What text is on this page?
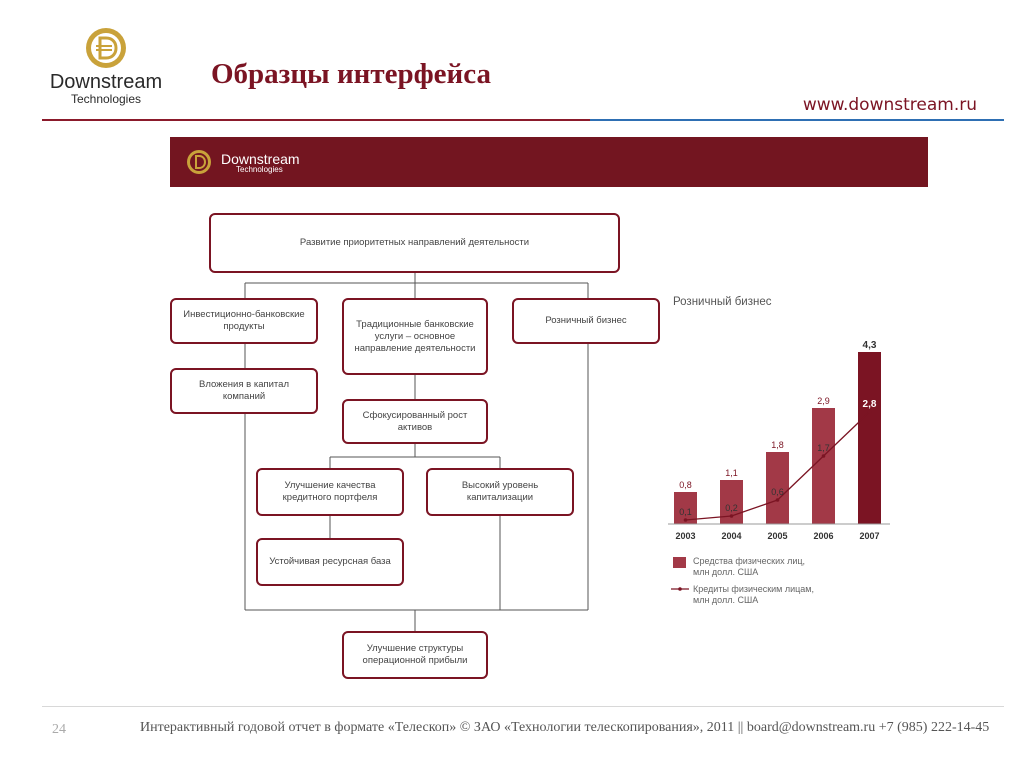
Downstream
Technologies
Образцы интерфейса
www.downstream.ru
Downstream
Technologies
Развитие приоритетных направлений деятельности
Инвестиционно-банковские продукты	Традиционные банковские услуги – основное направление деятельности
Розничный бизнес
Вложения в капитал компаний
Сфокусированный рост активов
Улучшение качества кредитного портфеля
Высокий уровень капитализации
Устойчивая ресурсная база
Улучшение структуры операционной прибыли
Розничный бизнес
0,8
2003
1,1
2004
1,8
2005
2,9
2006
4,3
2007
0,1	0,2
0,6
1,7
2,8
Средства физических лиц,
млн долл. США
Кредиты физическим лицам,
млн долл. США
24	Интерактивный годовой отчет в формате «Телескоп» © ЗАО «Технологии телескопирования», 2011 || board@downstream.ru +7 (985) 222-14-45
